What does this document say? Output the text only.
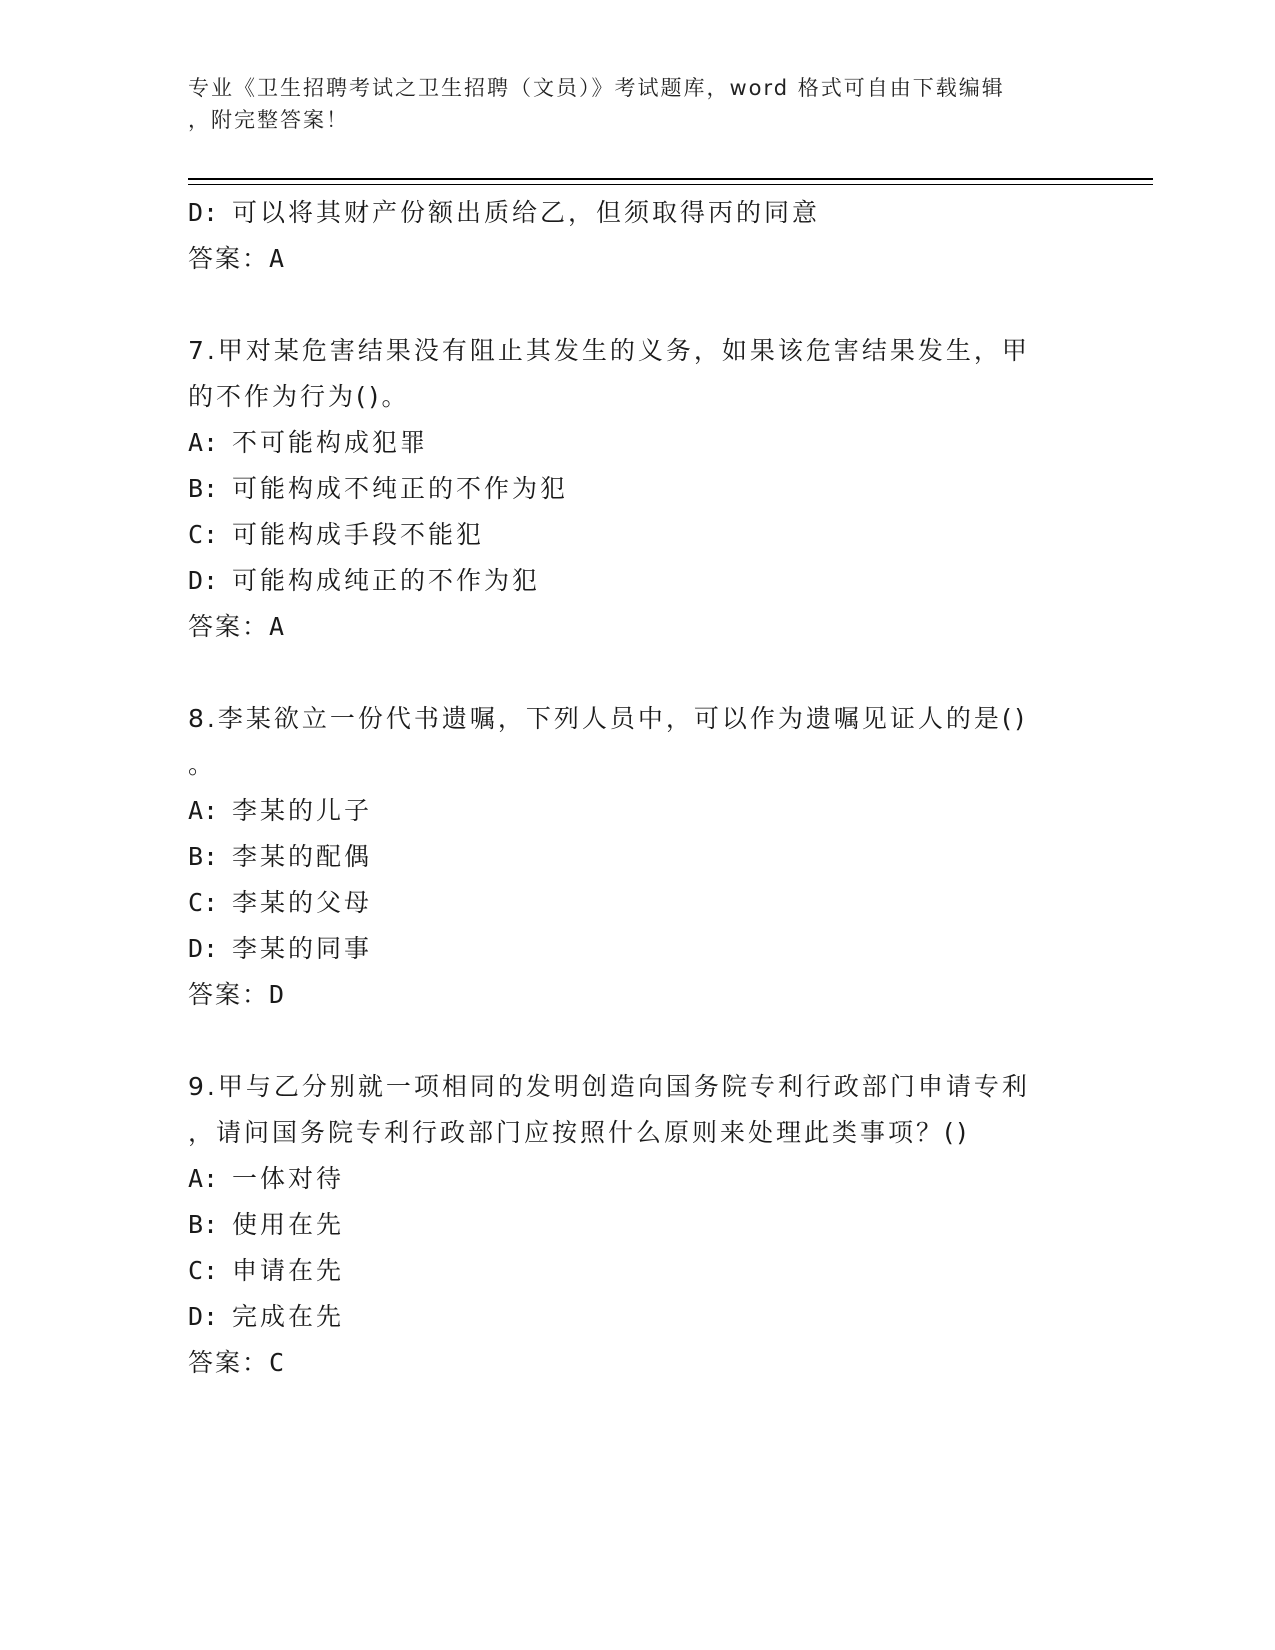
专业《卫生招聘考试之卫生招聘（文员）》考试题库，word 格式可自由下载编辑
，附完整答案！
D: 可以将其财产份额出质给乙，但须取得丙的同意
答案：A
7.甲对某危害结果没有阻止其发生的义务，如果该危害结果发生，甲
的不作为行为()。
A: 不可能构成犯罪
B: 可能构成不纯正的不作为犯
C: 可能构成手段不能犯
D: 可能构成纯正的不作为犯
答案：A
8.李某欲立一份代书遗嘱，下列人员中，可以作为遗嘱见证人的是()
。
A: 李某的儿子
B: 李某的配偶
C: 李某的父母
D: 李某的同事
答案：D
9.甲与乙分别就一项相同的发明创造向国务院专利行政部门申请专利
，请问国务院专利行政部门应按照什么原则来处理此类事项？()
A: 一体对待
B: 使用在先
C: 申请在先
D: 完成在先
答案：C
